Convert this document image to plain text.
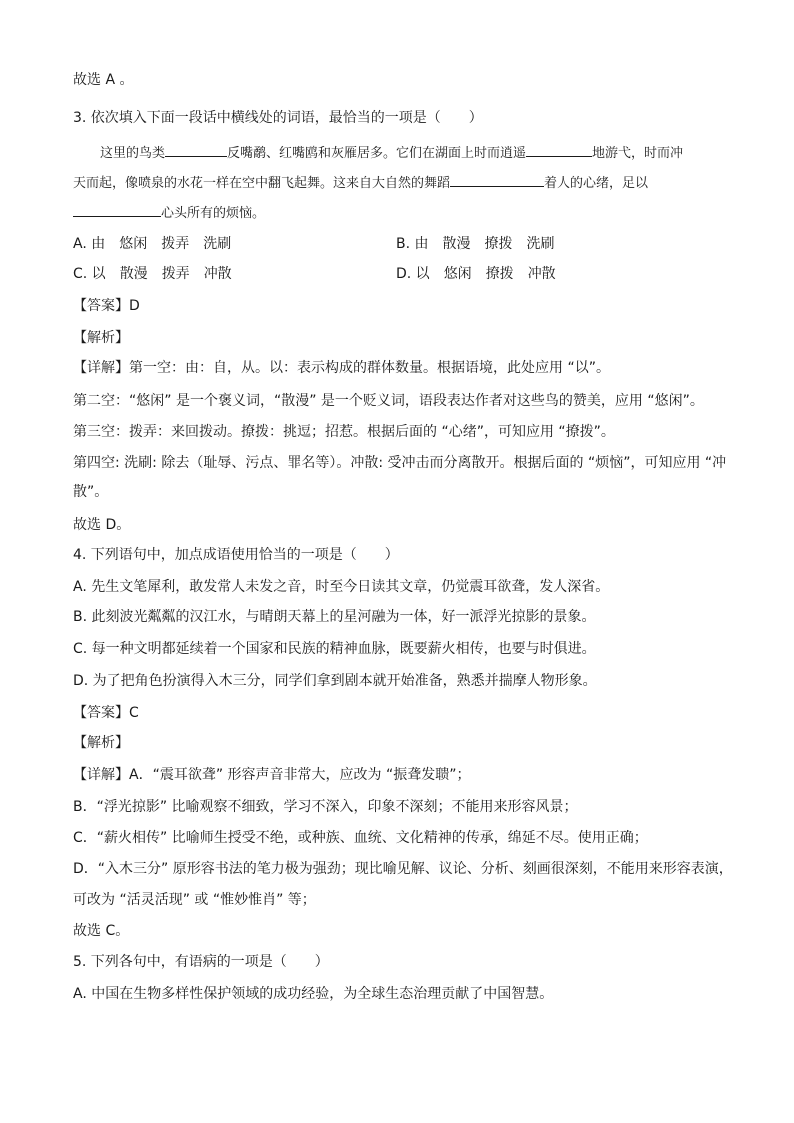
故选 A 。
3. 依次填入下面一段话中横线处的词语，最恰当的一项是（　　）
这里的鸟类	反嘴鹬、红嘴鸥和灰雁居多。它们在湖面上时而逍遥	地游弋，时而冲
天而起，像喷泉的水花一样在空中翻飞起舞。这来自大自然的舞蹈	着人的心绪，足以
心头所有的烦恼。
A. 由 悠闲 拨弄 洗刷	B. 由 散漫 撩拨 洗刷
C. 以 散漫 拨弄 冲散	D. 以 悠闲 撩拨 冲散
【答案】D
【解析】
【详解】第一空：由：自，从。以：表示构成的群体数量。根据语境，此处应用 “以”。
第二空：“悠闲” 是一个褒义词，“散漫” 是一个贬义词，语段表达作者对这些鸟的赞美，应用 “悠闲”。
第三空：拨弄：来回拨动。撩拨：挑逗；招惹。根据后面的 “心绪”，可知应用 “撩拨”。
第四空: 洗刷: 除去（耻辱、污点、罪名等）。冲散: 受冲击而分离散开。根据后面的 “烦恼”，可知应用 “冲
散”。
故选 D。
4. 下列语句中，加点成语使用恰当的一项是（　　）
A. 先生文笔犀利，敢发常人未发之音，时至今日读其文章，仍觉震耳欲聋，发人深省。
B. 此刻波光粼粼的汉江水，与晴朗天幕上的星河融为一体，好一派浮光掠影的景象。
C. 每一种文明都延续着一个国家和民族的精神血脉，既要薪火相传，也要与时俱进。
D. 为了把角色扮演得入木三分，同学们拿到剧本就开始准备，熟悉并揣摩人物形象。
【答案】C
【解析】
【详解】A．“震耳欲聋” 形容声音非常大，应改为 “振聋发聩”；
B．“浮光掠影” 比喻观察不细致，学习不深入，印象不深刻；不能用来形容风景；
C．“薪火相传” 比喻师生授受不绝，或种族、血统、文化精神的传承，绵延不尽。使用正确；
D．“入木三分” 原形容书法的笔力极为强劲；现比喻见解、议论、分析、刻画很深刻，不能用来形容表演，
可改为 “活灵活现” 或 “惟妙惟肖” 等；
故选 C。
5. 下列各句中，有语病的一项是（　　）
A. 中国在生物多样性保护领域的成功经验，为全球生态治理贡献了中国智慧。
